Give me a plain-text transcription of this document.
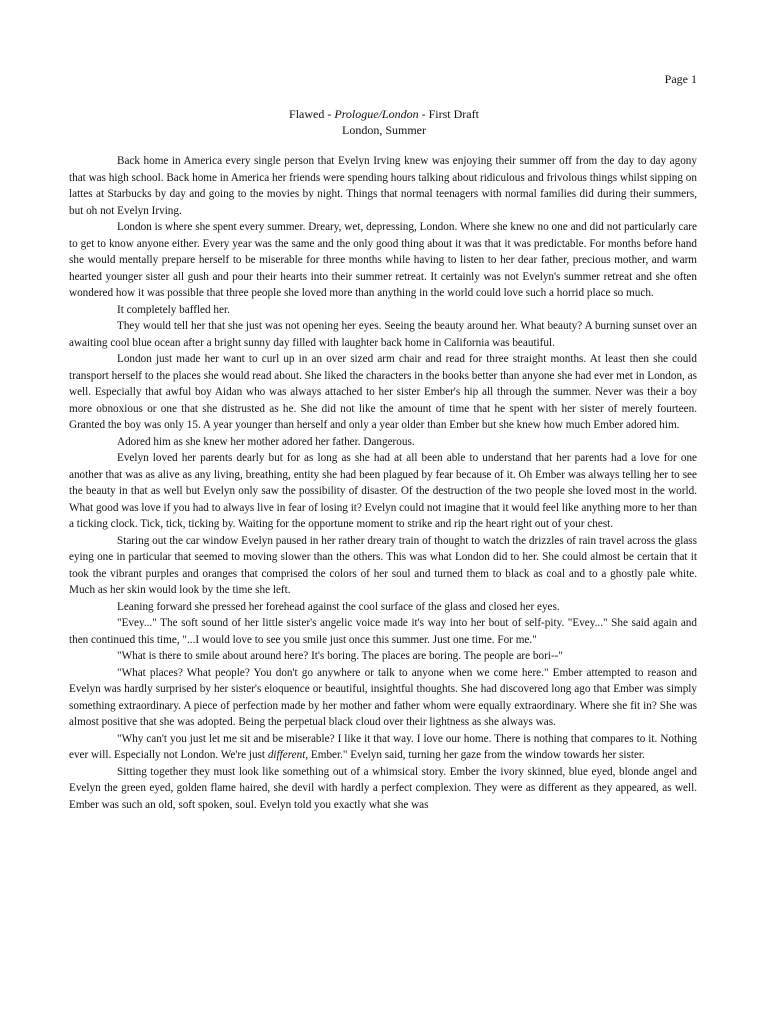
Page 1
Flawed - Prologue/London - First Draft
London, Summer

Back home in America every single person that Evelyn Irving knew was enjoying their summer off from the day to day agony that was high school. Back home in America her friends were spending hours talking about ridiculous and frivolous things whilst sipping on lattes at Starbucks by day and going to the movies by night. Things that normal teenagers with normal families did during their summers, but oh not Evelyn Irving.

London is where she spent every summer. Dreary, wet, depressing, London. Where she knew no one and did not particularly care to get to know anyone either. Every year was the same and the only good thing about it was that it was predictable. For months before hand she would mentally prepare herself to be miserable for three months while having to listen to her dear father, precious mother, and warm hearted younger sister all gush and pour their hearts into their summer retreat. It certainly was not Evelyn's summer retreat and she often wondered how it was possible that three people she loved more than anything in the world could love such a horrid place so much.

It completely baffled her.

They would tell her that she just was not opening her eyes. Seeing the beauty around her. What beauty? A burning sunset over an awaiting cool blue ocean after a bright sunny day filled with laughter back home in California was beautiful.

London just made her want to curl up in an over sized arm chair and read for three straight months. At least then she could transport herself to the places she would read about. She liked the characters in the books better than anyone she had ever met in London, as well. Especially that awful boy Aidan who was always attached to her sister Ember's hip all through the summer. Never was their a boy more obnoxious or one that she distrusted as he. She did not like the amount of time that he spent with her sister of merely fourteen. Granted the boy was only 15. A year younger than herself and only a year older than Ember but she knew how much Ember adored him.

Adored him as she knew her mother adored her father. Dangerous.

Evelyn loved her parents dearly but for as long as she had at all been able to understand that her parents had a love for one another that was as alive as any living, breathing, entity she had been plagued by fear because of it. Oh Ember was always telling her to see the beauty in that as well but Evelyn only saw the possibility of disaster. Of the destruction of the two people she loved most in the world. What good was love if you had to always live in fear of losing it? Evelyn could not imagine that it would feel like anything more to her than a ticking clock. Tick, tick, ticking by. Waiting for the opportune moment to strike and rip the heart right out of your chest.

Staring out the car window Evelyn paused in her rather dreary train of thought to watch the drizzles of rain travel across the glass eying one in particular that seemed to moving slower than the others. This was what London did to her. She could almost be certain that it took the vibrant purples and oranges that comprised the colors of her soul and turned them to black as coal and to a ghostly pale white. Much as her skin would look by the time she left.

Leaning forward she pressed her forehead against the cool surface of the glass and closed her eyes.

"Evey..." The soft sound of her little sister's angelic voice made it's way into her bout of self-pity. "Evey..." She said again and then continued this time, "...I would love to see you smile just once this summer. Just one time. For me."

"What is there to smile about around here? It's boring. The places are boring. The people are bori--"

"What places? What people? You don't go anywhere or talk to anyone when we come here." Ember attempted to reason and Evelyn was hardly surprised by her sister's eloquence or beautiful, insightful thoughts. She had discovered long ago that Ember was simply something extraordinary. A piece of perfection made by her mother and father whom were equally extraordinary. Where she fit in? She was almost positive that she was adopted. Being the perpetual black cloud over their lightness as she always was.

"Why can't you just let me sit and be miserable? I like it that way. I love our home. There is nothing that compares to it. Nothing ever will. Especially not London. We're just different, Ember." Evelyn said, turning her gaze from the window towards her sister.

Sitting together they must look like something out of a whimsical story. Ember the ivory skinned, blue eyed, blonde angel and Evelyn the green eyed, golden flame haired, she devil with hardly a perfect complexion. They were as different as they appeared, as well. Ember was such an old, soft spoken, soul. Evelyn told you exactly what she was
